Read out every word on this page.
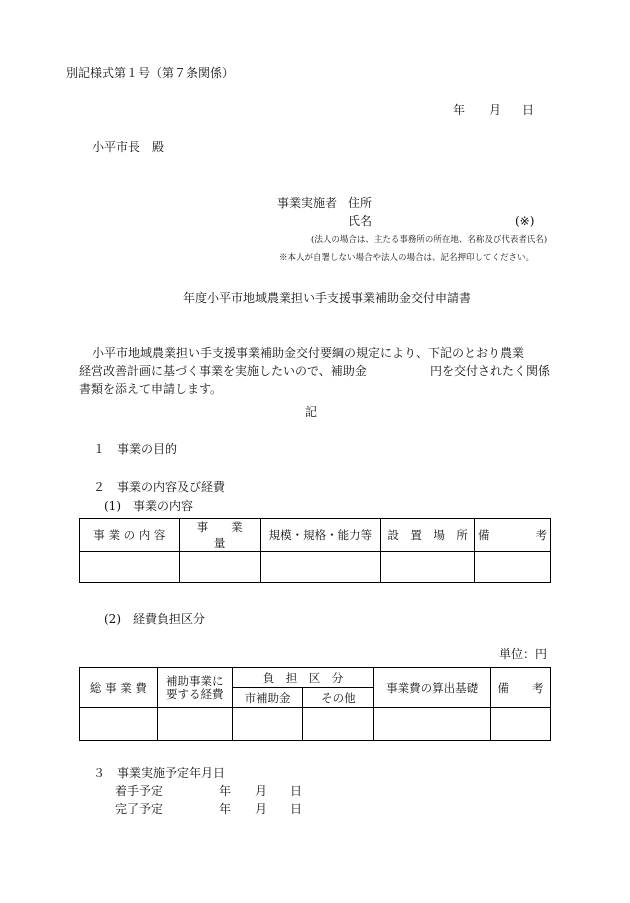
別記様式第１号（第７条関係）
年 月 日
小平市長　殿
事業実施者 住所
氏名	(※)
(法人の場合は、主たる事務所の所在地、名称及び代表者氏名)
※本人が自署しない場合や法人の場合は、記名押印してください。
年度小平市地域農業担い手支援事業補助金交付申請書
小平市地域農業担い手支援事業補助金交付要綱の規定により、下記のとおり農業
経営改善計画に基づく事業を実施したいので、補助金	円を交付されたく関係
書類を添えて申請します。
記
１　事業の目的
２　事業の内容及び経費
(1)　事業の内容
事 業 の 内 容	事　　業　　量	規模・規格・能力等	設　置　場　所	備　　　　考

(2)　経費負担区分
単位：円
総 事 業 費	補助事業に要する経費	負　担　区　分		事業費の算出基礎	備　　考
		市補助金	その他		

３　事業実施予定年月日
着手予定	年 月 日
完了予定	年 月 日
